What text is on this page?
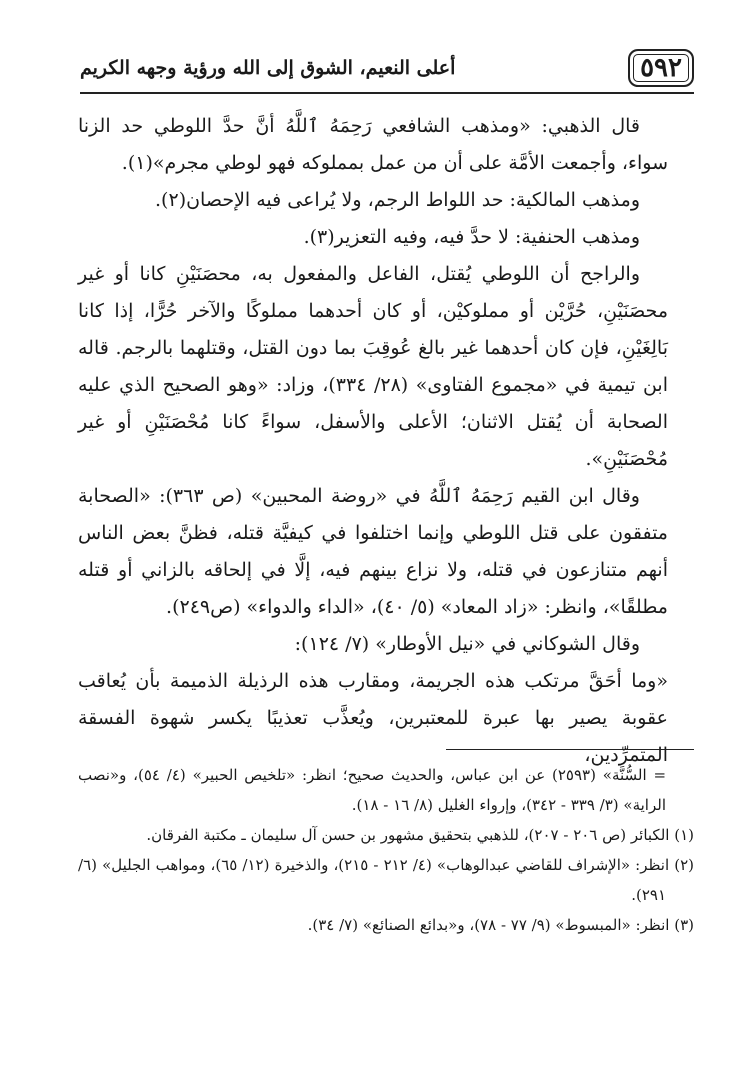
٥٩٢
أعلى النعيم، الشوق إلى الله ورؤية وجهه الكريم

قال الذهبي: «ومذهب الشافعي رَحِمَهُ ٱللَّهُ أنَّ حدَّ اللوطي حد الزنا سواء، وأجمعت الأمَّة على أن من عمل بمملوكه فهو لوطي مجرم»(١).

ومذهب المالكية: حد اللواط الرجم، ولا يُراعى فيه الإحصان(٢).

ومذهب الحنفية: لا حدَّ فيه، وفيه التعزير(٣).

والراجح أن اللوطي يُقتل، الفاعل والمفعول به، محصَنَيْنِ كانا أو غير محصَنَيْنِ، حُرَّيْن أو مملوكيْن، أو كان أحدهما مملوكًا والآخر حُرًّا، إذا كانا بَالِغَيْنِ، فإن كان أحدهما غير بالغ عُوقِبَ بما دون القتل، وقتلهما بالرجم. قاله ابن تيمية في «مجموع الفتاوى» (٢٨/ ٣٣٤)، وزاد: «وهو الصحيح الذي عليه الصحابة أن يُقتل الاثنان؛ الأعلى والأسفل، سواءً كانا مُحْصَنَيْنِ أو غير مُحْصَنَيْنِ».

وقال ابن القيم رَحِمَهُ ٱللَّهُ في «روضة المحبين» (ص ٣٦٣): «الصحابة متفقون على قتل اللوطي وإنما اختلفوا في كيفيَّة قتله، فظنَّ بعض الناس أنهم متنازعون في قتله، ولا نزاع بينهم فيه، إلَّا في إلحاقه بالزاني أو قتله مطلقًا»، وانظر: «زاد المعاد» (٥/ ٤٠)، «الداء والدواء» (ص٢٤٩).

وقال الشوكاني في «نيل الأوطار» (٧/ ١٢٤):

«وما أحَقَّ مرتكب هذه الجريمة، ومقارب هذه الرذيلة الذميمة بأن يُعاقب عقوبة يصير بها عبرة للمعتبرين، ويُعذَّب تعذيبًا يكسر شهوة الفسقة المتمرِّدين،

= السُّنَّة» (٢٥٩٣) عن ابن عباس، والحديث صحيح؛ انظر: «تلخيص الحبير» (٤/ ٥٤)، و«نصب الراية» (٣/ ٣٣٩ - ٣٤٢)، وإرواء الغليل (٨/ ١٦ - ١٨).

(١) الكبائر (ص ٢٠٦ - ٢٠٧)، للذهبي بتحقيق مشهور بن حسن آل سليمان ـ مكتبة الفرقان.

(٢) انظر: «الإشراف للقاضي عبدالوهاب» (٤/ ٢١٢ - ٢١٥)، والذخيرة (١٢/ ٦٥)، ومواهب الجليل» (٦/ ٢٩١).

(٣) انظر: «المبسوط» (٩/ ٧٧ - ٧٨)، و«بدائع الصنائع» (٧/ ٣٤).
